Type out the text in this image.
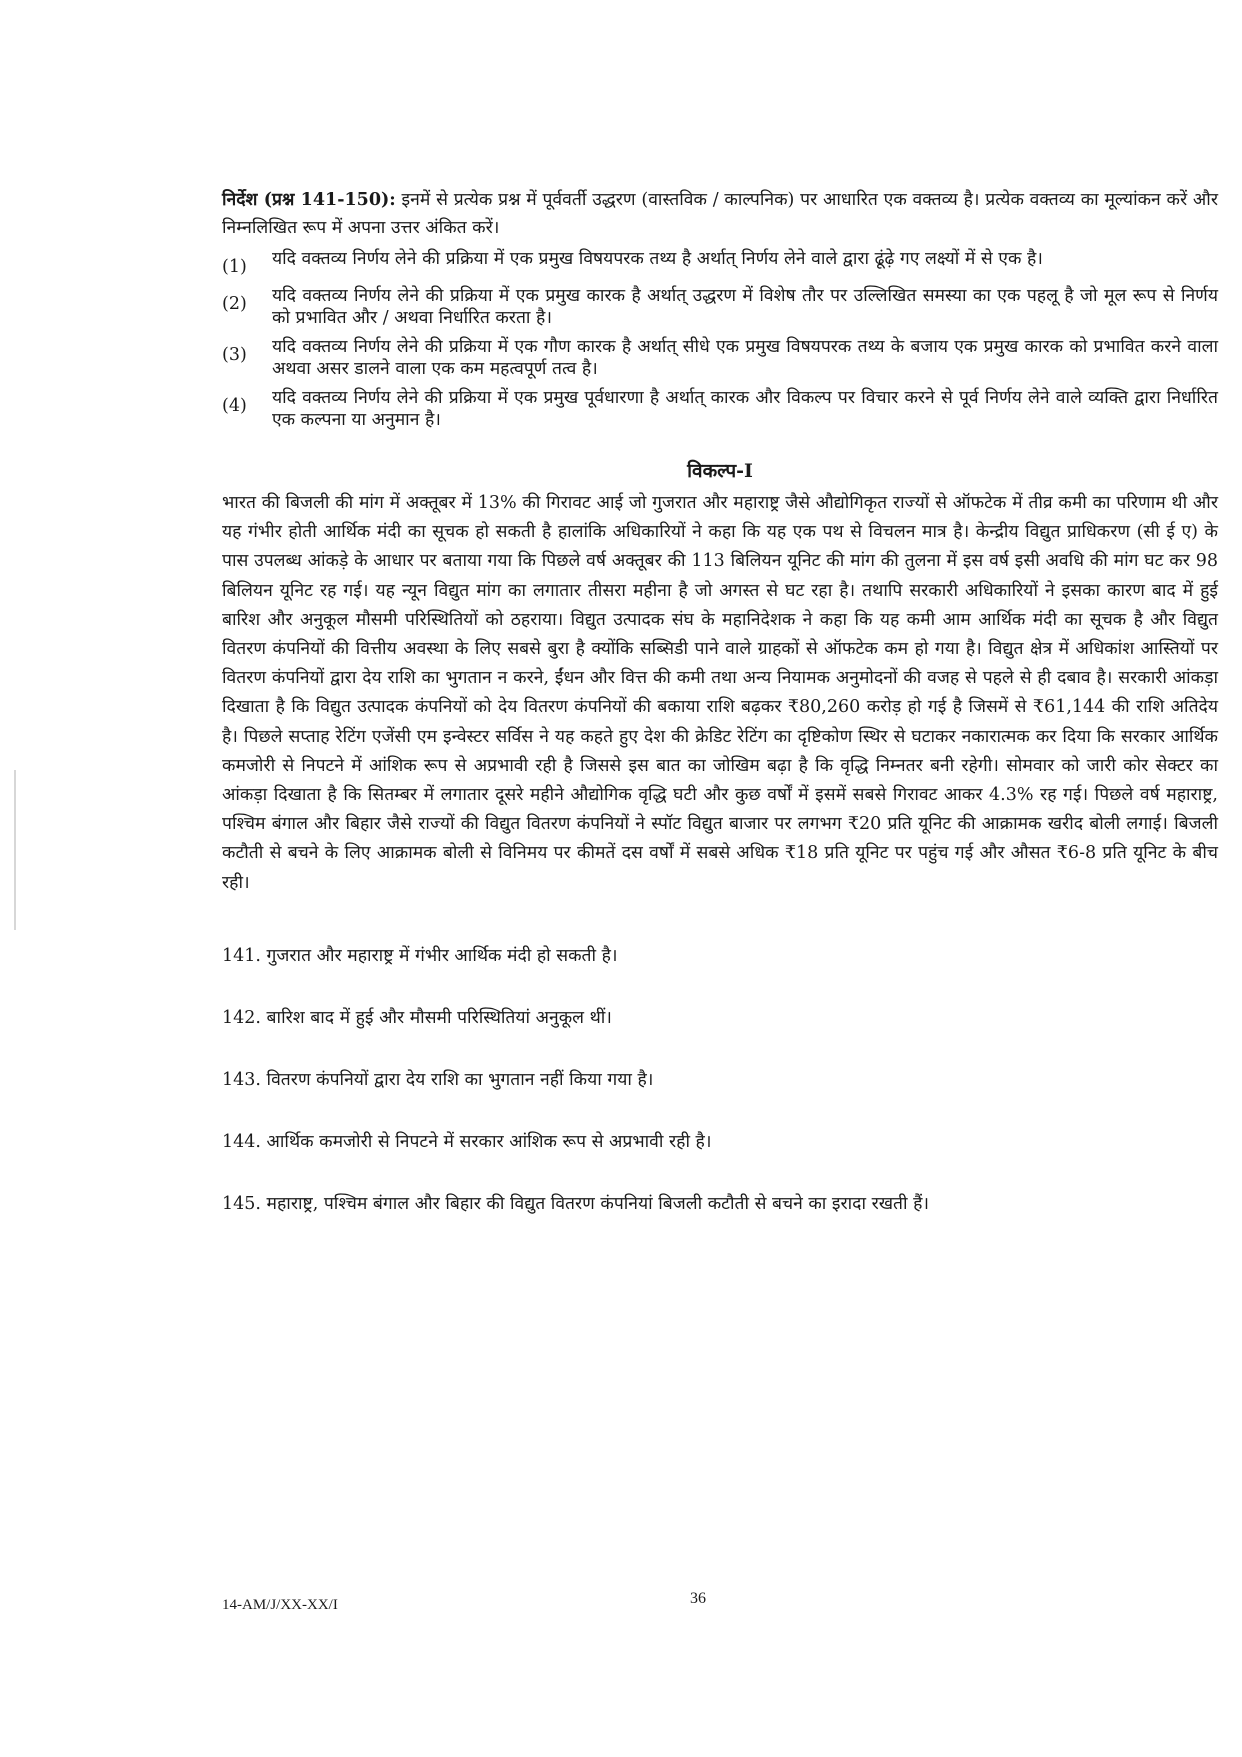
निर्देश (प्रश्न 141-150): इनमें से प्रत्येक प्रश्न में पूर्ववर्ती उद्धरण (वास्तविक / काल्पनिक) पर आधारित एक वक्तव्य है। प्रत्येक वक्तव्य का मूल्यांकन करें और निम्नलिखित रूप में अपना उत्तर अंकित करें।

(1)	यदि वक्तव्य निर्णय लेने की प्रक्रिया में एक प्रमुख विषयपरक तथ्य है अर्थात् निर्णय लेने वाले द्वारा ढूंढ़े गए लक्ष्यों में से एक है।
(2)	यदि वक्तव्य निर्णय लेने की प्रक्रिया में एक प्रमुख कारक है अर्थात् उद्धरण में विशेष तौर पर उल्लिखित समस्या का एक पहलू है जो मूल रूप से निर्णय को प्रभावित और / अथवा निर्धारित करता है।
(3)	यदि वक्तव्य निर्णय लेने की प्रक्रिया में एक गौण कारक है अर्थात् सीधे एक प्रमुख विषयपरक तथ्य के बजाय एक प्रमुख कारक को प्रभावित करने वाला अथवा असर डालने वाला एक कम महत्वपूर्ण तत्व है।
(4)	यदि वक्तव्य निर्णय लेने की प्रक्रिया में एक प्रमुख पूर्वधारणा है अर्थात् कारक और विकल्प पर विचार करने से पूर्व निर्णय लेने वाले व्यक्ति द्वारा निर्धारित एक कल्पना या अनुमान है।
विकल्प-I

भारत की बिजली की मांग में अक्तूबर में 13% की गिरावट आई जो गुजरात और महाराष्ट्र जैसे औद्योगिकृत राज्यों से ऑफटेक में तीव्र कमी का परिणाम थी और यह गंभीर होती आर्थिक मंदी का सूचक हो सकती है हालांकि अधिकारियों ने कहा कि यह एक पथ से विचलन मात्र है। केन्द्रीय विद्युत प्राधिकरण (सी ई ए) के पास उपलब्ध आंकड़े के आधार पर बताया गया कि पिछले वर्ष अक्तूबर की 113 बिलियन यूनिट की मांग की तुलना में इस वर्ष इसी अवधि की मांग घट कर 98 बिलियन यूनिट रह गई। यह न्यून विद्युत मांग का लगातार तीसरा महीना है जो अगस्त से घट रहा है। तथापि सरकारी अधिकारियों ने इसका कारण बाद में हुई बारिश और अनुकूल मौसमी परिस्थितियों को ठहराया। विद्युत उत्पादक संघ के महानिदेशक ने कहा कि यह कमी आम आर्थिक मंदी का सूचक है और विद्युत वितरण कंपनियों की वित्तीय अवस्था के लिए सबसे बुरा है क्योंकि सब्सिडी पाने वाले ग्राहकों से ऑफटेक कम हो गया है। विद्युत क्षेत्र में अधिकांश आस्तियों पर वितरण कंपनियों द्वारा देय राशि का भुगतान न करने, ईंधन और वित्त की कमी तथा अन्य नियामक अनुमोदनों की वजह से पहले से ही दबाव है। सरकारी आंकड़ा दिखाता है कि विद्युत उत्पादक कंपनियों को देय वितरण कंपनियों की बकाया राशि बढ़कर ₹80,260 करोड़ हो गई है जिसमें से ₹61,144 की राशि अतिदेय है। पिछले सप्ताह रेटिंग एजेंसी एम इन्वेस्टर सर्विस ने यह कहते हुए देश की क्रेडिट रेटिंग का दृष्टिकोण स्थिर से घटाकर नकारात्मक कर दिया कि सरकार आर्थिक कमजोरी से निपटने में आंशिक रूप से अप्रभावी रही है जिससे इस बात का जोखिम बढ़ा है कि वृद्धि निम्नतर बनी रहेगी। सोमवार को जारी कोर सेक्टर का आंकड़ा दिखाता है कि सितम्बर में लगातार दूसरे महीने औद्योगिक वृद्धि घटी और कुछ वर्षों में इसमें सबसे गिरावट आकर 4.3% रह गई। पिछले वर्ष महाराष्ट्र, पश्चिम बंगाल और बिहार जैसे राज्यों की विद्युत वितरण कंपनियों ने स्पॉट विद्युत बाजार पर लगभग ₹20 प्रति यूनिट की आक्रामक खरीद बोली लगाई। बिजली कटौती से बचने के लिए आक्रामक बोली से विनिमय पर कीमतें दस वर्षों में सबसे अधिक ₹18 प्रति यूनिट पर पहुंच गई और औसत ₹6-8 प्रति यूनिट के बीच रही।

141. गुजरात और महाराष्ट्र में गंभीर आर्थिक मंदी हो सकती है।
142. बारिश बाद में हुई और मौसमी परिस्थितियां अनुकूल थीं।
143. वितरण कंपनियों द्वारा देय राशि का भुगतान नहीं किया गया है।
144. आर्थिक कमजोरी से निपटने में सरकार आंशिक रूप से अप्रभावी रही है।
145. महाराष्ट्र, पश्चिम बंगाल और बिहार की विद्युत वितरण कंपनियां बिजली कटौती से बचने का इरादा रखती हैं।
14-AM/J/XX-XX/I	36
